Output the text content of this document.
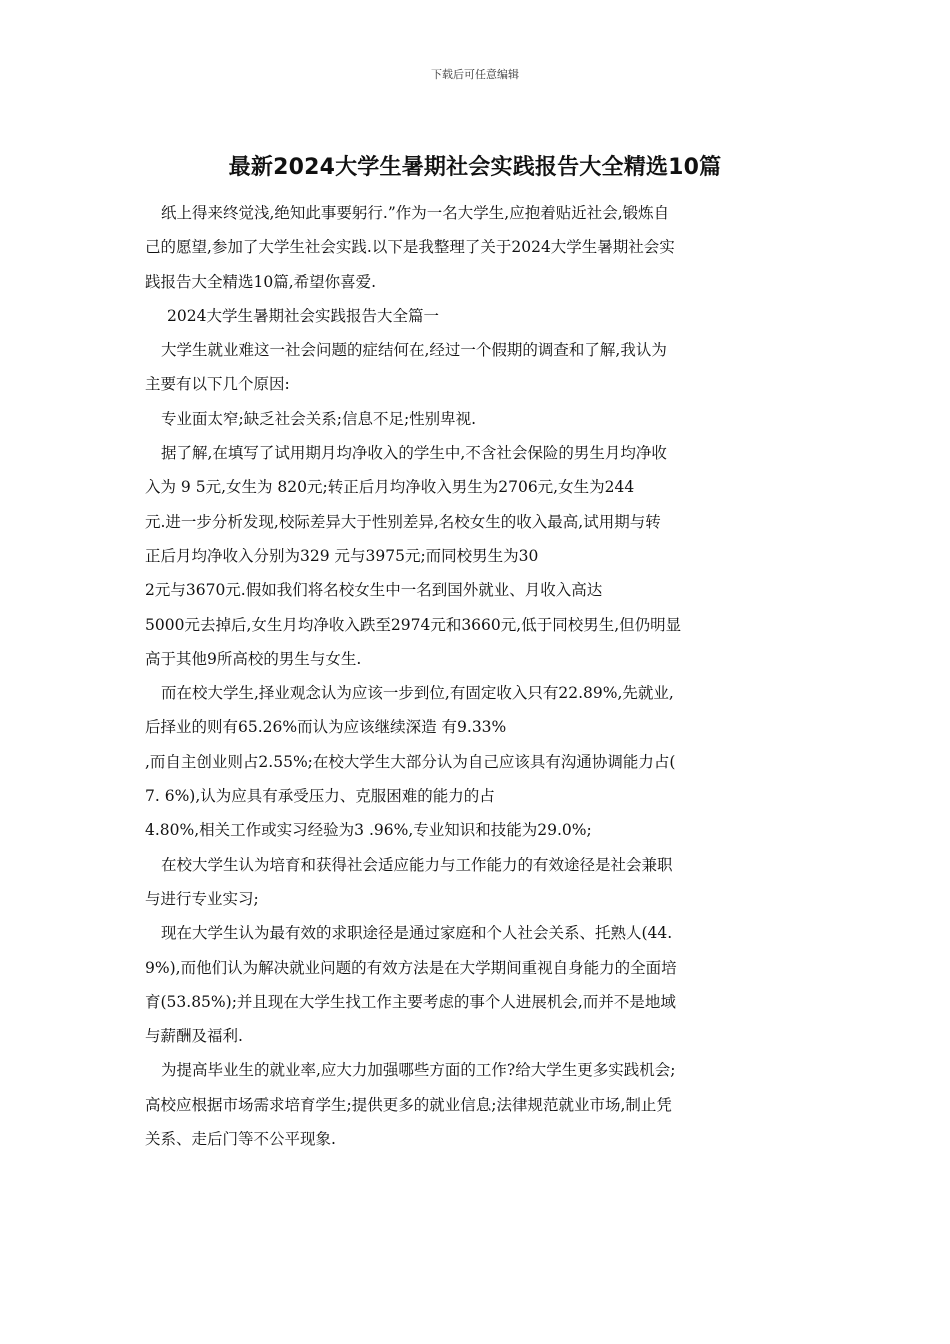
下载后可任意编辑
最新2024大学生暑期社会实践报告大全精选10篇
纸上得来终觉浅,绝知此事要躬行.”作为一名大学生,应抱着贴近社会,锻炼自
己的愿望,参加了大学生社会实践.以下是我整理了关于2024大学生暑期社会实
践报告大全精选10篇,希望你喜爱.
2024大学生暑期社会实践报告大全篇一
大学生就业难这一社会问题的症结何在,经过一个假期的调查和了解,我认为
主要有以下几个原因:
专业面太窄;缺乏社会关系;信息不足;性别卑视.
据了解,在填写了试用期月均净收入的学生中,不含社会保险的男生月均净收
入为 9 5元,女生为 820元;转正后月均净收入男生为2706元,女生为244
元.进一步分析发现,校际差异大于性别差异,名校女生的收入最高,试用期与转
正后月均净收入分别为329 元与3975元;而同校男生为30
2元与3670元.假如我们将名校女生中一名到国外就业、月收入高达
5000元去掉后,女生月均净收入跌至2974元和3660元,低于同校男生,但仍明显
高于其他9所高校的男生与女生.
而在校大学生,择业观念认为应该一步到位,有固定收入只有22.89%,先就业,
后择业的则有65.26%而认为应该继续深造 有9.33%
,而自主创业则占2.55%;在校大学生大部分认为自己应该具有沟通协调能力占(
7. 6%),认为应具有承受压力、克服困难的能力的占
4.80%,相关工作或实习经验为3 .96%,专业知识和技能为29.0%;
在校大学生认为培育和获得社会适应能力与工作能力的有效途径是社会兼职
与进行专业实习;
现在大学生认为最有效的求职途径是通过家庭和个人社会关系、托熟人(44.
9%),而他们认为解决就业问题的有效方法是在大学期间重视自身能力的全面培
育(53.85%);并且现在大学生找工作主要考虑的事个人进展机会,而并不是地域
与薪酬及福利.
为提高毕业生的就业率,应大力加强哪些方面的工作?给大学生更多实践机会;
高校应根据市场需求培育学生;提供更多的就业信息;法律规范就业市场,制止凭
关系、走后门等不公平现象.
